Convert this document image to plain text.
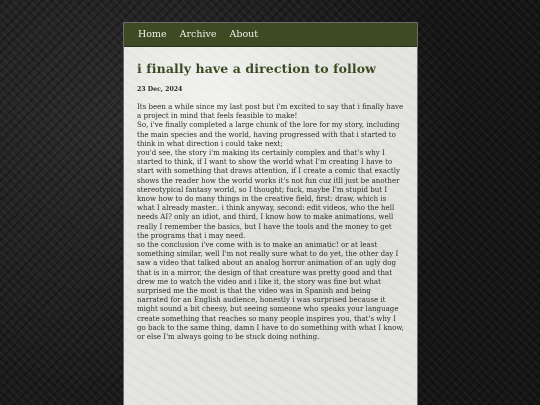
Home Archive About
i finally have a direction to follow
23 Dec, 2024

Its been a while since my last post but i'm excited to say that i finally have a project in mind that feels feasible to make!

So, i've finally completed a large chunk of the lore for my story, including the main species and the world, having progressed with that i started to think in what direction i could take next;

you'd see, the story i'm making its certainly complex and that's why I started to think, if I want to show the world what I'm creating I have to start with something that draws attention, if I create a comic that exactly shows the reader how the world works it's not fun cuz itll just be another stereotypical fantasy world, so I thought; fuck, maybe I'm stupid but I know how to do many things in the creative field, first: draw, which is what I already master.. i think anyway, second: edit videos, who the hell needs AI? only an idiot, and third, I know how to make animations, well really I remember the basics, but I have the tools and the money to get the programs that i may need.

so the conclusion i've come with is to make an animatic! or at least something similar, well I'm not really sure what to do yet, the other day I saw a video that talked about an analog horror animation of an ugly dog that is in a mirror, the design of that creature was pretty good and that drew me to watch the video and i like it, the story was fine but what surprised me the most is that the video was in Spanish and being narrated for an English audience, honestly i was surprised because it might sound a bit cheesy, but seeing someone who speaks your language create something that reaches so many people inspires you, that's why I go back to the same thing, damn I have to do something with what I know, or else I'm always going to be stuck doing nothing.
